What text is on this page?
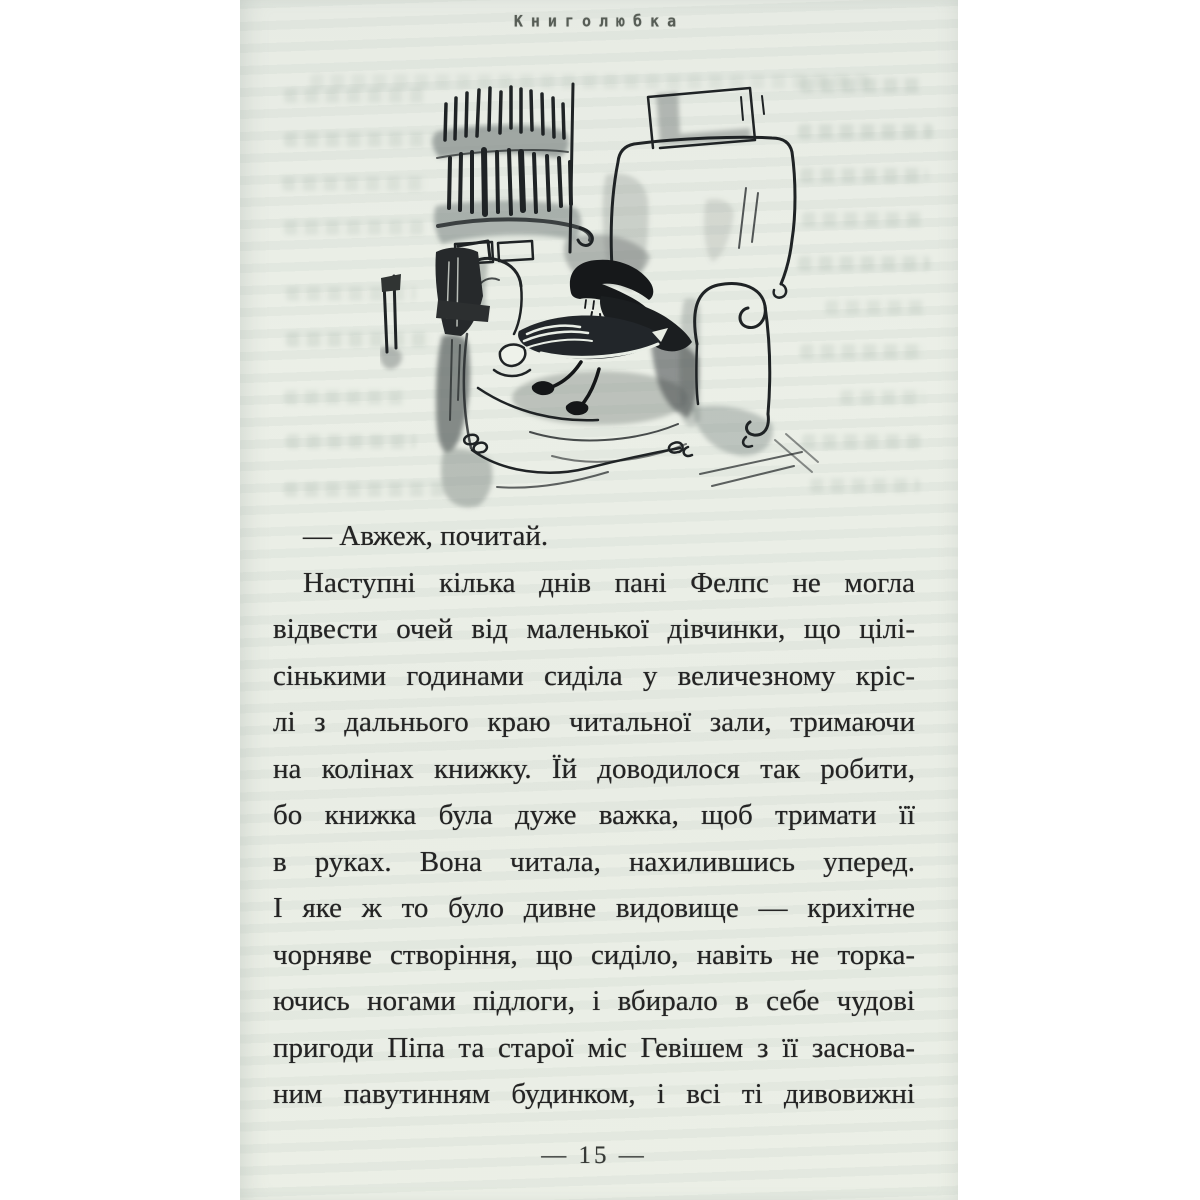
Книголюбка
— Авжеж, почитай.
Наступні кілька днів пані Фелпс не могла
відвести очей від маленької дівчинки, що цілі-
сінькими годинами сиділа у величезному кріс-
лі з дальнього краю читальної зали, тримаючи
на колінах книжку. Їй доводилося так робити,
бо книжка була дуже важка, щоб тримати її
в руках. Вона читала, нахилившись уперед.
І яке ж то було дивне видовище — крихітне
чорняве створіння, що сиділо, навіть не торка-
ючись ногами підлоги, і вбирало в себе чудові
пригоди Піпа та старої міс Гевішем з її заснова-
ним павутинням будинком, і всі ті дивовижні
— 15 —
